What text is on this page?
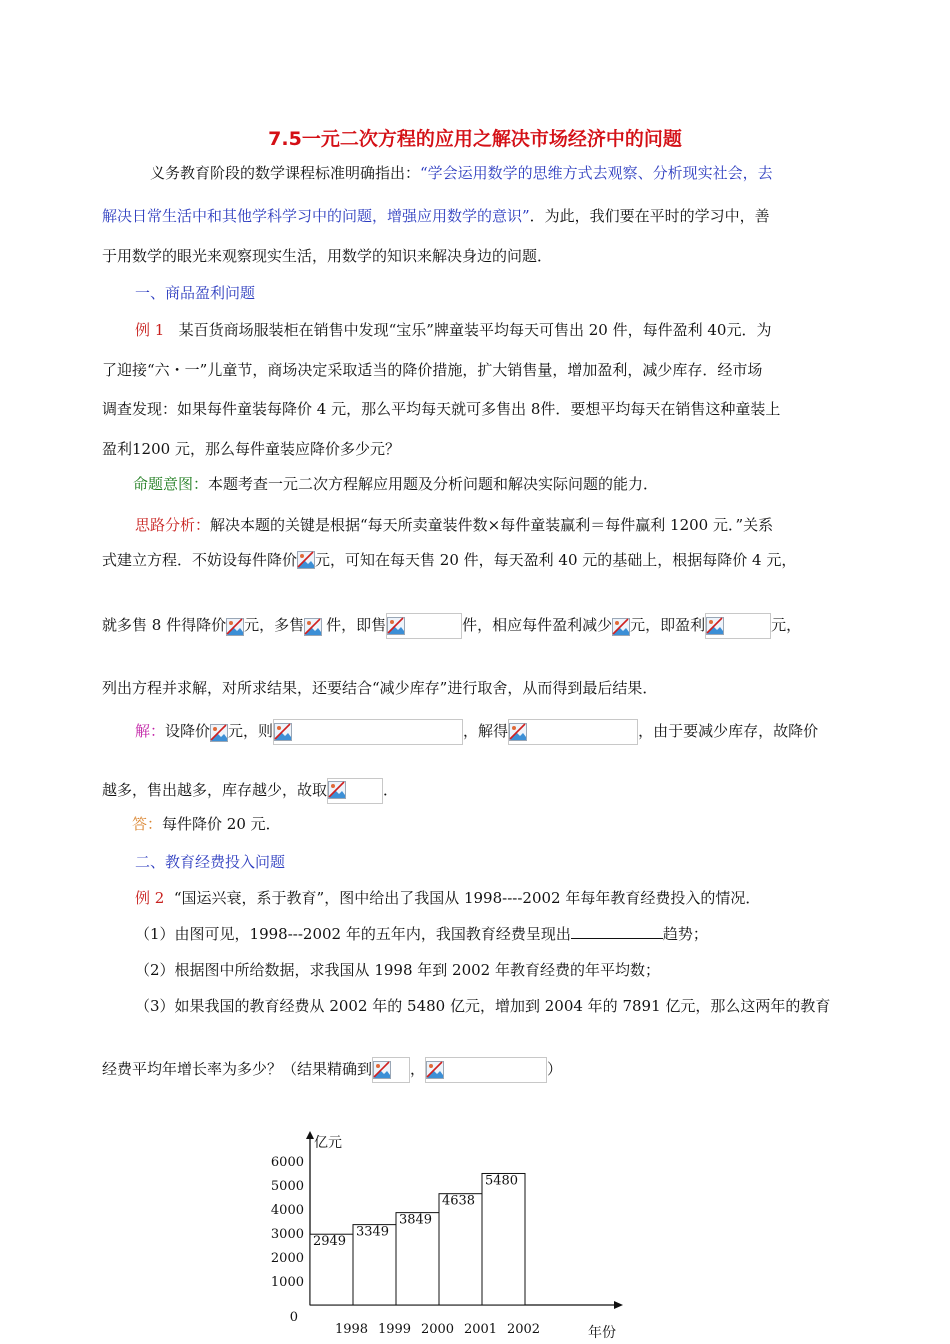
7.5一元二次方程的应用之解决市场经济中的问题
义务教育阶段的数学课程标准明确指出：“学会运用数学的思维方式去观察、分析现实社会，去
解决日常生活中和其他学科学习中的问题，增强应用数学的意识”．为此，我们要在平时的学习中，善
于用数学的眼光来观察现实生活，用数学的知识来解决身边的问题．
一、商品盈利问题
例 1 某百货商场服装柜在销售中发现“宝乐”牌童装平均每天可售出 20 件，每件盈利 40元．为
了迎接“六・一”儿童节，商场决定采取适当的降价措施，扩大销售量，增加盈利，减少库存．经市场
调查发现：如果每件童装每降价 4 元，那么平均每天就可多售出 8件．要想平均每天在销售这种童装上
盈利1200 元，那么每件童装应降价多少元？
命题意图：本题考查一元二次方程解应用题及分析问题和解决实际问题的能力．
思路分析：解决本题的关键是根据“每天所卖童装件数×每件童装赢利＝每件赢利 1200 元．”关系
式建立方程．不妨设每件降价 元，可知在每天售 20 件，每天盈利 40 元的基础上，根据每降价 4 元，
就多售 8 件得降价 元，多售 件，即售	件，相应每件盈利减少 元，即盈利	元，
列出方程并求解，对所求结果，还要结合“减少库存”进行取舍，从而得到最后结果．
解：设降价 元，则	，解得	，由于要减少库存，故降价
越多，售出越多，库存越少，故取	．
答：每件降价 20 元．
二、教育经费投入问题
例 2 “国运兴衰，系于教育”，图中给出了我国从 1998----2002 年每年教育经费投入的情况．
（1）由图可见，1998---2002 年的五年内，我国教育经费呈现出	趋势；
（2）根据图中所给数据，求我国从 1998 年到 2002 年教育经费的年平均数；
（3）如果我国的教育经费从 2002 年的 5480 亿元，增加到 2004 年的 7891 亿元，那么这两年的教育
经费平均年增长率为多少？（结果精确到	，	）
亿元
年份
0
1000
2000
3000
4000
5000
6000
2949
1998
3349
1999
3849
2000
4638
2001
5480
2002
